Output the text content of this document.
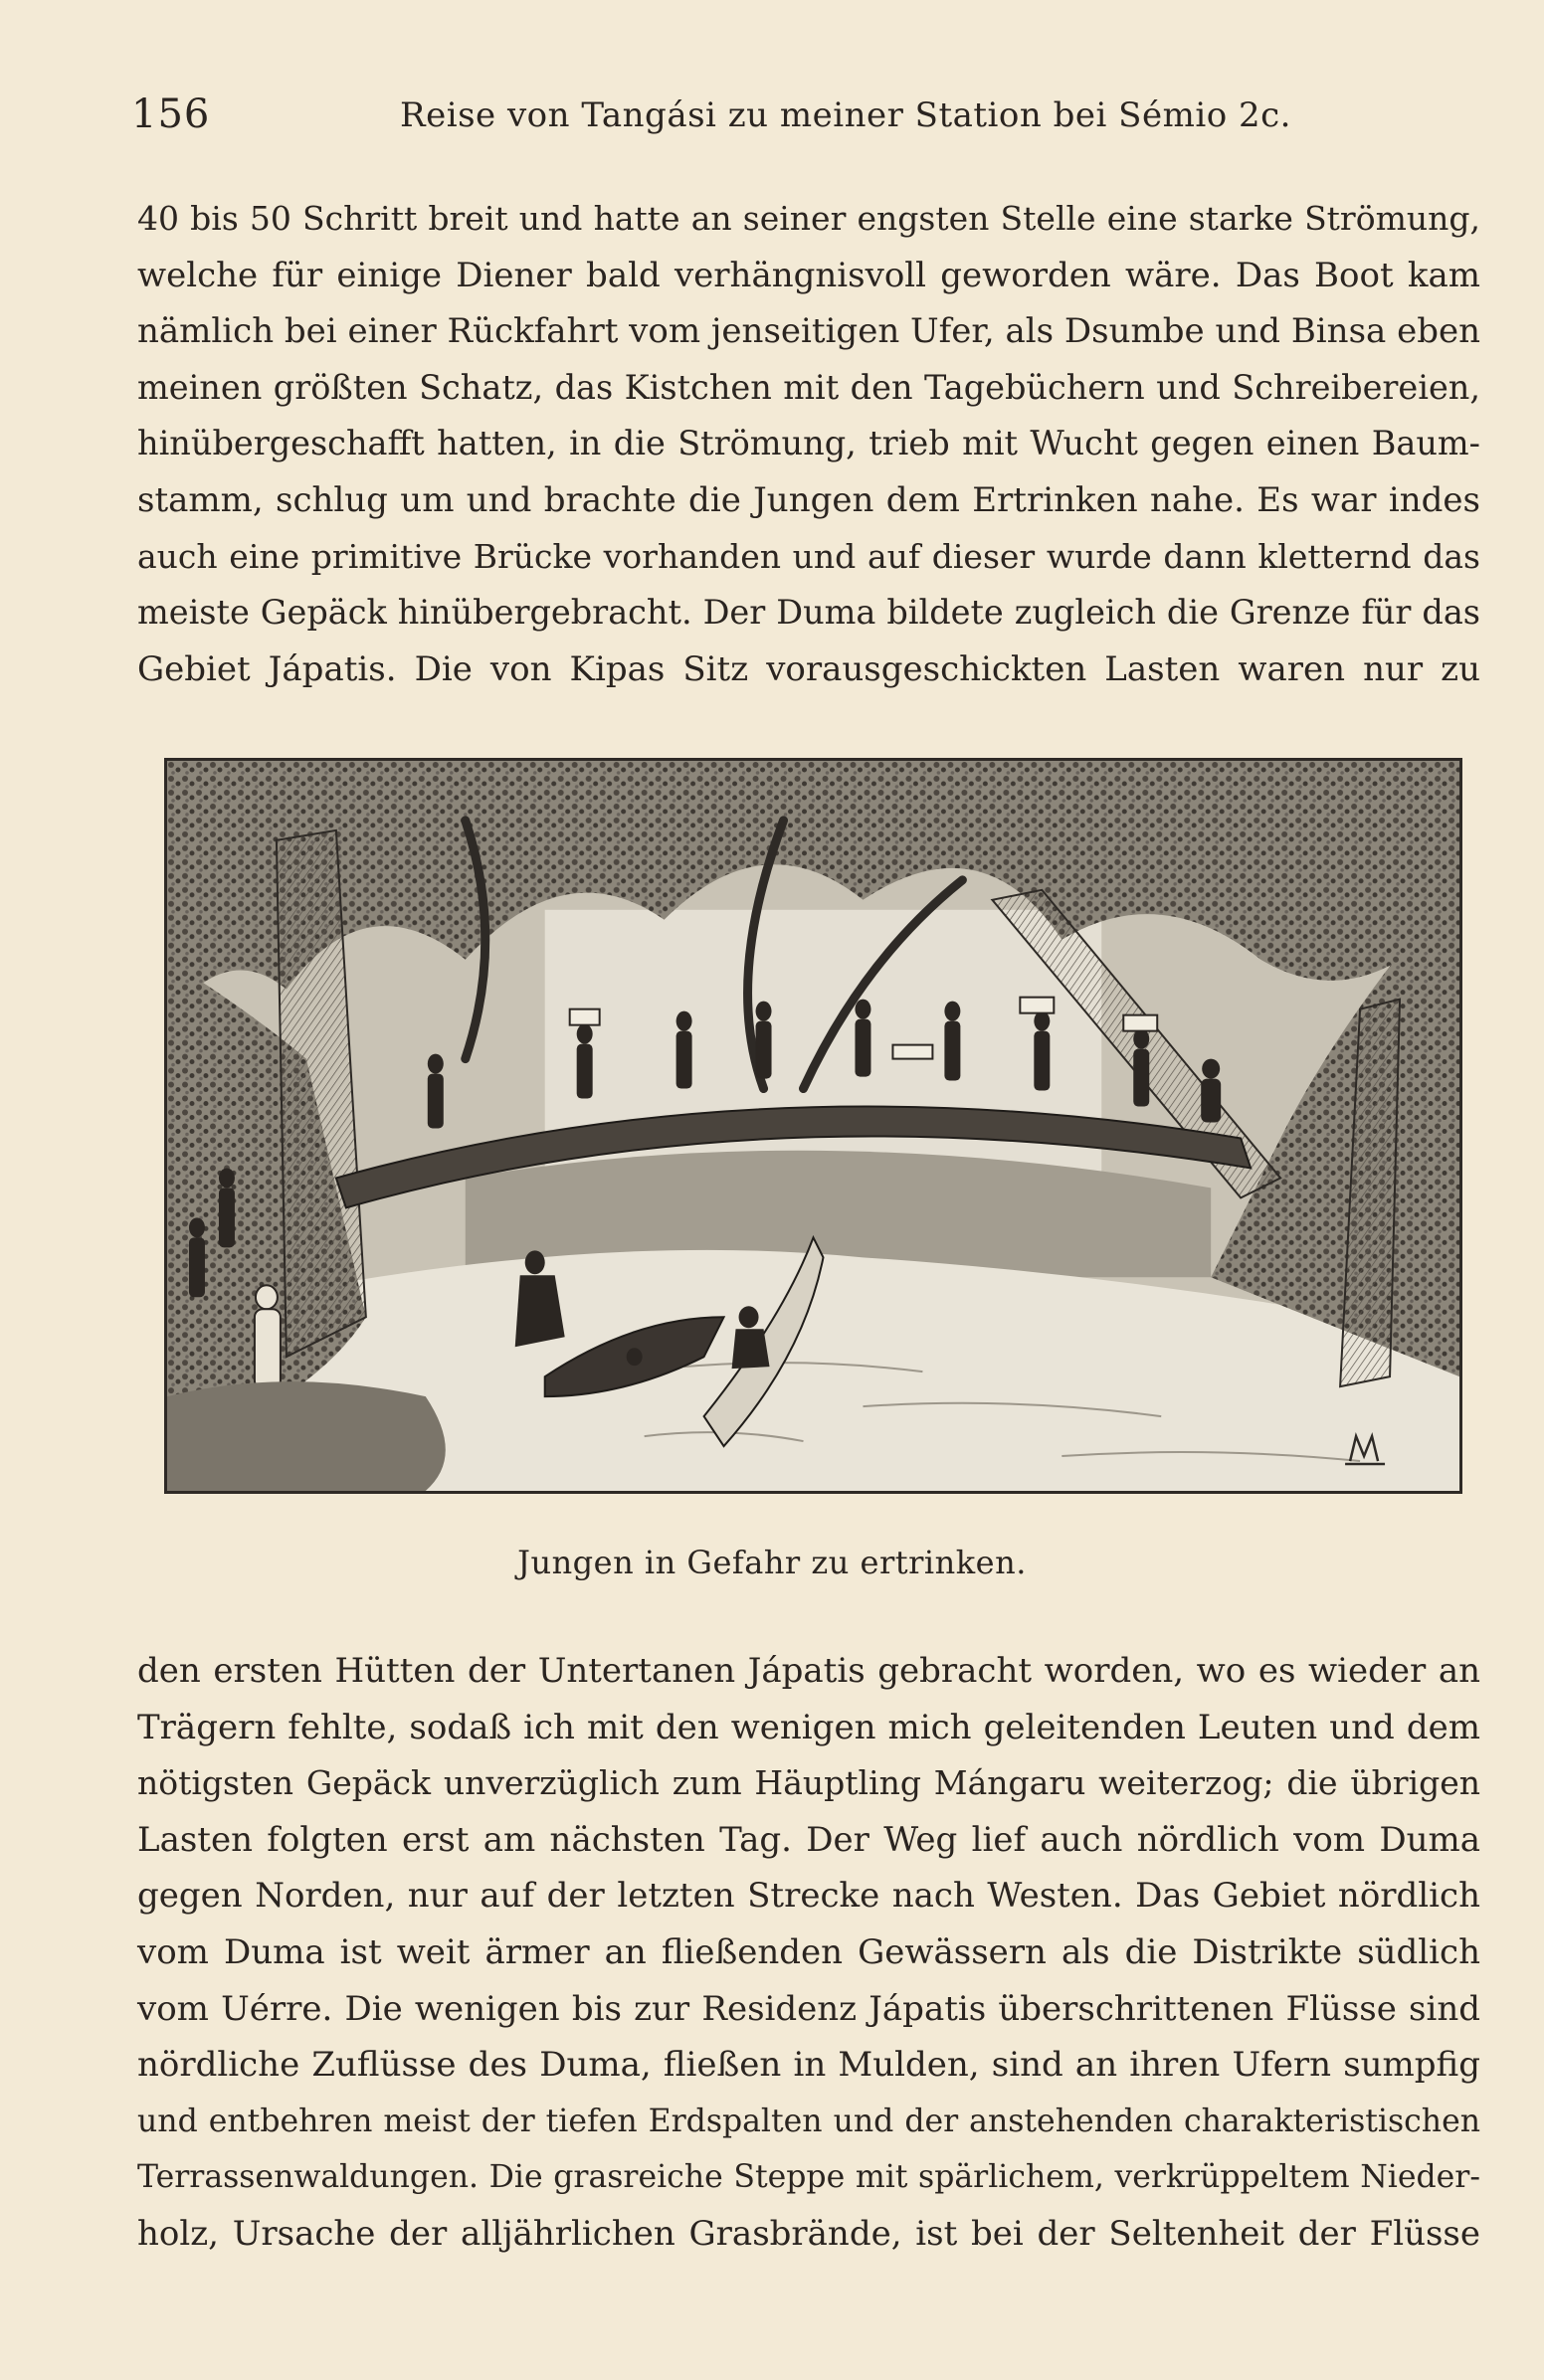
156	Reise von Tangási zu meiner Station bei Sémio 2c.
40 bis 50 Schritt breit und hatte an seiner engsten Stelle eine starke Strömung,
welche für einige Diener bald verhängnisvoll geworden wäre. Das Boot kam
nämlich bei einer Rückfahrt vom jenseitigen Ufer, als Dsumbe und Binsa eben
meinen größten Schatz, das Kistchen mit den Tagebüchern und Schreibereien,
hinübergeschafft hatten, in die Strömung, trieb mit Wucht gegen einen Baum-
stamm, schlug um und brachte die Jungen dem Ertrinken nahe. Es war indes
auch eine primitive Brücke vorhanden und auf dieser wurde dann kletternd das
meiste Gepäck hinübergebracht. Der Duma bildete zugleich die Grenze für das
Gebiet Jápatis. Die von Kipas Sitz vorausgeschickten Lasten waren nur zu
Jungen in Gefahr zu ertrinken.
den ersten Hütten der Untertanen Jápatis gebracht worden, wo es wieder an
Trägern fehlte, sodaß ich mit den wenigen mich geleitenden Leuten und dem
nötigsten Gepäck unverzüglich zum Häuptling Mángaru weiterzog; die übrigen
Lasten folgten erst am nächsten Tag. Der Weg lief auch nördlich vom Duma
gegen Norden, nur auf der letzten Strecke nach Westen. Das Gebiet nördlich
vom Duma ist weit ärmer an fließenden Gewässern als die Distrikte südlich
vom Uérre. Die wenigen bis zur Residenz Jápatis überschrittenen Flüsse sind
nördliche Zuflüsse des Duma, fließen in Mulden, sind an ihren Ufern sumpfig
und entbehren meist der tiefen Erdspalten und der anstehenden charakteristischen
Terrassenwaldungen. Die grasreiche Steppe mit spärlichem, verkrüppeltem Nieder-
holz, Ursache der alljährlichen Grasbrände, ist bei der Seltenheit der Flüsse
